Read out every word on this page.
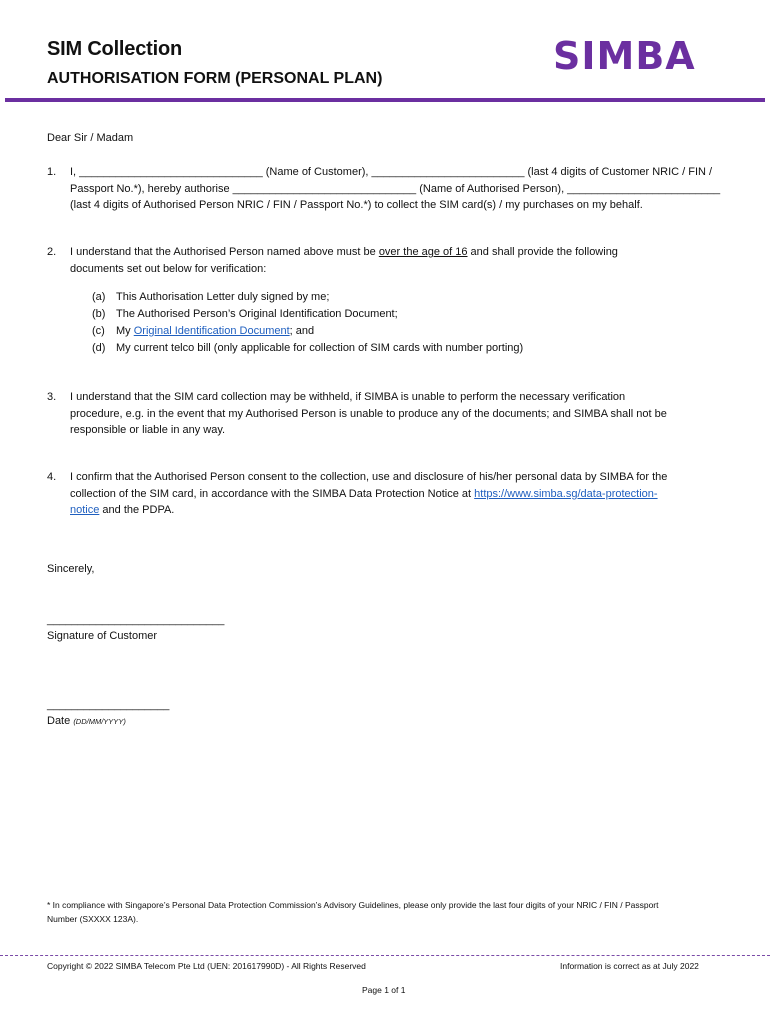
SIM Collection
AUTHORISATION FORM (PERSONAL PLAN)
SIMBA
Dear Sir / Madam
1.	I, ______________________________ (Name of Customer), _________________________ (last 4 digits of Customer NRIC / FIN /
Passport No.*), hereby authorise ______________________________ (Name of Authorised Person), _________________________
(last 4 digits of Authorised Person NRIC / FIN / Passport No.*) to collect the SIM card(s) / my purchases on my behalf.
2.	I understand that the Authorised Person named above must be over the age of 16 and shall provide the following
documents set out below for verification:
(a) This Authorisation Letter duly signed by me;
(b) The Authorised Person’s Original Identification Document;
(c) My Original Identification Document; and
(d) My current telco bill (only applicable for collection of SIM cards with number porting)
3.	I understand that the SIM card collection may be withheld, if SIMBA is unable to perform the necessary verification
procedure, e.g. in the event that my Authorised Person is unable to produce any of the documents; and SIMBA shall not be
responsible or liable in any way.
4.	I confirm that the Authorised Person consent to the collection, use and disclosure of his/her personal data by SIMBA for the
collection of the SIM card, in accordance with the SIMBA Data Protection Notice at https://www.simba.sg/data-protection-
notice and the PDPA.
Sincerely,
_____________________________
Signature of Customer
____________________
Date (DD/MM/YYYY)
* In compliance with Singapore’s Personal Data Protection Commission’s Advisory Guidelines, please only provide the last four digits of your NRIC / FIN / Passport
Number (SXXXX 123A).
Copyright © 2022 SIMBA Telecom Pte Ltd (UEN: 201617990D) - All Rights Reserved	Information is correct as at July 2022
Page 1 of 1
